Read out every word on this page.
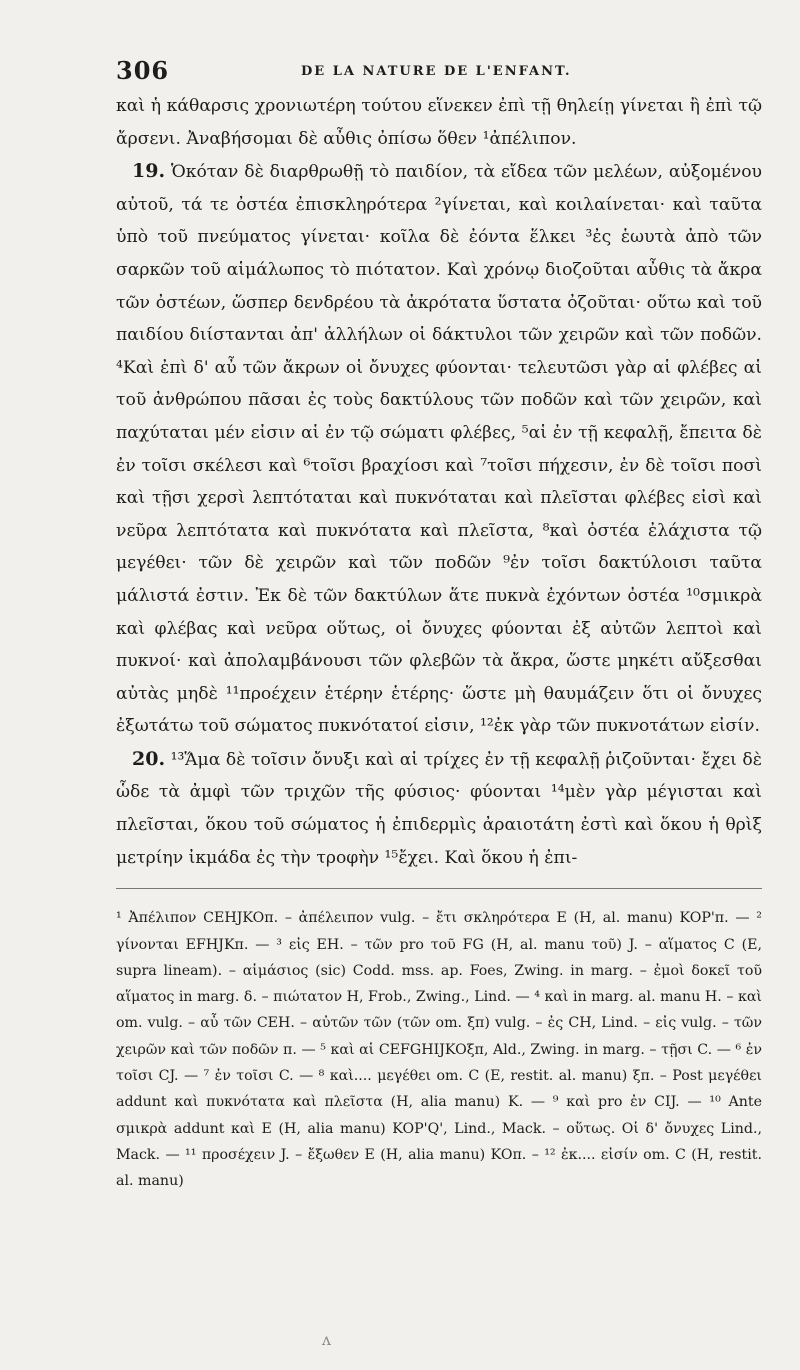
306	DE LA NATURE DE L'ENFANT.

καὶ ἡ κάθαρσις χρονιωτέρη τούτου εἵνεκεν ἐπὶ τῇ θηλείῃ γίνεται ἢ ἐπὶ τῷ ἄρσενι. Ἀναβήσομαι δὲ αὖθις ὀπίσω ὅθεν ¹ἀπέλιπον.

19. Ὁκόταν δὲ διαρθρωθῇ τὸ παιδίον, τὰ εἴδεα τῶν μελέων, αὐξομένου αὐτοῦ, τά τε ὀστέα ἐπισκληρότερα ²γίνεται, καὶ κοιλαίνεται· καὶ ταῦτα ὑπὸ τοῦ πνεύματος γίνεται· κοῖλα δὲ ἐόντα ἕλκει ³ἐς ἑωυτὰ ἀπὸ τῶν σαρκῶν τοῦ αἱμάλωπος τὸ πιότατον. Καὶ χρόνῳ διοζοῦται αὖθις τὰ ἄκρα τῶν ὀστέων, ὥσπερ δενδρέου τὰ ἀκρότατα ὕστατα ὀζοῦται· οὕτω καὶ τοῦ παιδίου διίστανται ἀπ' ἀλλήλων οἱ δάκτυλοι τῶν χειρῶν καὶ τῶν ποδῶν. ⁴Καὶ ἐπὶ δ' αὖ τῶν ἄκρων οἱ ὄνυχες φύονται· τελευτῶσι γὰρ αἱ φλέβες αἱ τοῦ ἀνθρώπου πᾶσαι ἐς τοὺς δακτύλους τῶν ποδῶν καὶ τῶν χειρῶν, καὶ παχύταται μέν εἰσιν αἱ ἐν τῷ σώματι φλέβες, ⁵αἱ ἐν τῇ κεφαλῇ, ἔπειτα δὲ ἐν τοῖσι σκέλεσι καὶ ⁶τοῖσι βραχίοσι καὶ ⁷τοῖσι πήχεσιν, ἐν δὲ τοῖσι ποσὶ καὶ τῇσι χερσὶ λεπτόταται καὶ πυκνόταται καὶ πλεῖσται φλέβες εἰσὶ καὶ νεῦρα λεπτότατα καὶ πυκνότατα καὶ πλεῖστα, ⁸καὶ ὀστέα ἐλάχιστα τῷ μεγέθει· τῶν δὲ χειρῶν καὶ τῶν ποδῶν ⁹ἐν τοῖσι δακτύλοισι ταῦτα μάλιστά ἐστιν. Ἐκ δὲ τῶν δακτύλων ἅτε πυκνὰ ἐχόντων ὀστέα ¹⁰σμικρὰ καὶ φλέβας καὶ νεῦρα οὕτως, οἱ ὄνυχες φύονται ἐξ αὐτῶν λεπτοὶ καὶ πυκνοί· καὶ ἀπολαμβάνουσι τῶν φλεβῶν τὰ ἄκρα, ὥστε μηκέτι αὔξεσθαι αὐτὰς μηδὲ ¹¹προέχειν ἑτέρην ἑτέρης· ὥστε μὴ θαυμάζειν ὅτι οἱ ὄνυχες ἐξωτάτω τοῦ σώματος πυκνότατοί εἰσιν, ¹²ἐκ γὰρ τῶν πυκνοτάτων εἰσίν.

20. ¹³Ἅμα δὲ τοῖσιν ὄνυξι καὶ αἱ τρίχες ἐν τῇ κεφαλῇ ῥιζοῦνται· ἔχει δὲ ὧδε τὰ ἀμφὶ τῶν τριχῶν τῆς φύσιος· φύονται ¹⁴μὲν γὰρ μέγισται καὶ πλεῖσται, ὅκου τοῦ σώματος ἡ ἐπιδερμὶς ἀραιοτάτη ἐστὶ καὶ ὅκου ἡ θρὶξ μετρίην ἰκμάδα ἐς τὴν τροφὴν ¹⁵ἔχει. Καὶ ὅκου ἡ ἐπι-

¹ Ἀπέλιπον CEHJKOπ. – ἀπέλειπον vulg. – ἔτι σκληρότερα E (H, al. manu) KOP'π. — ² γίνονται EFHJKπ. — ³ εἰς EH. – τῶν pro τοῦ FG (H, al. manu τοῦ) J. – αἵματος C (E, supra lineam). – αἱμάσιος (sic) Codd. mss. ap. Foes, Zwing. in marg. – ἐμοὶ δοκεῖ τοῦ αἵματος in marg. δ. – πιώτατον H, Frob., Zwing., Lind. — ⁴ καὶ in marg. al. manu H. – καὶ om. vulg. – αὖ τῶν CEH. – αὐτῶν τῶν (τῶν om. ξπ) vulg. – ἐς CH, Lind. – εἰς vulg. – τῶν χειρῶν καὶ τῶν ποδῶν π. — ⁵ καὶ αἱ CEFGHIJKOξπ, Ald., Zwing. in marg. – τῇσι C. — ⁶ ἐν τοῖσι CJ. — ⁷ ἐν τοῖσι C. — ⁸ καὶ.... μεγέθει om. C (E, restit. al. manu) ξπ. – Post μεγέθει addunt καὶ πυκνότατα καὶ πλεῖστα (H, alia manu) K. — ⁹ καὶ pro ἐν CIJ. — ¹⁰ Ante σμικρὰ addunt καὶ E (H, alia manu) KOP'Q', Lind., Mack. – οὕτως. Οἱ δ' ὄνυχες Lind., Mack. — ¹¹ προσέχειν J. – ἔξωθεν E (H, alia manu) KOπ. – ¹² ἐκ.... εἰσίν om. C (H, restit. al. manu)

ᴧ
